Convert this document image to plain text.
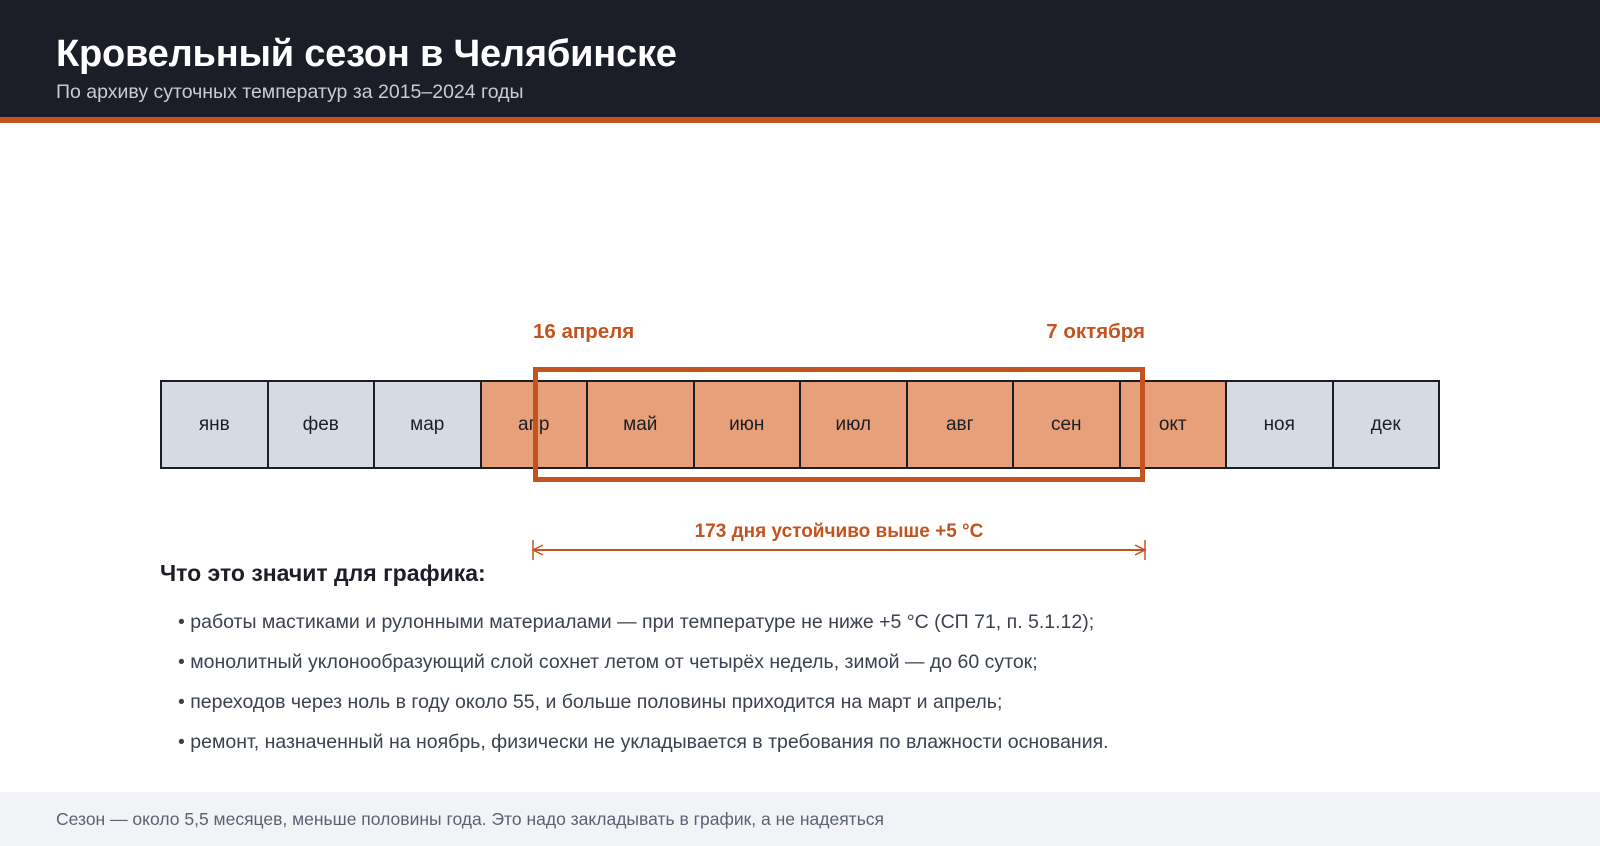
Кровельный сезон в Челябинске
По архиву суточных температур за 2015–2024 годы
16 апреля	7 октября
янв	фев	мар	апр	май	июн	июл	авг	сен	окт	ноя	дек
173 дня устойчиво выше +5 °C
Что это значит для графика:
• работы мастиками и рулонными материалами — при температуре не ниже +5 °C (СП 71, п. 5.1.12);
• монолитный уклонообразующий слой сохнет летом от четырёх недель, зимой — до 60 суток;
• переходов через ноль в году около 55, и больше половины приходится на март и апрель;
• ремонт, назначенный на ноябрь, физически не укладывается в требования по влажности основания.
Сезон — около 5,5 месяцев, меньше половины года. Это надо закладывать в график, а не надеяться
